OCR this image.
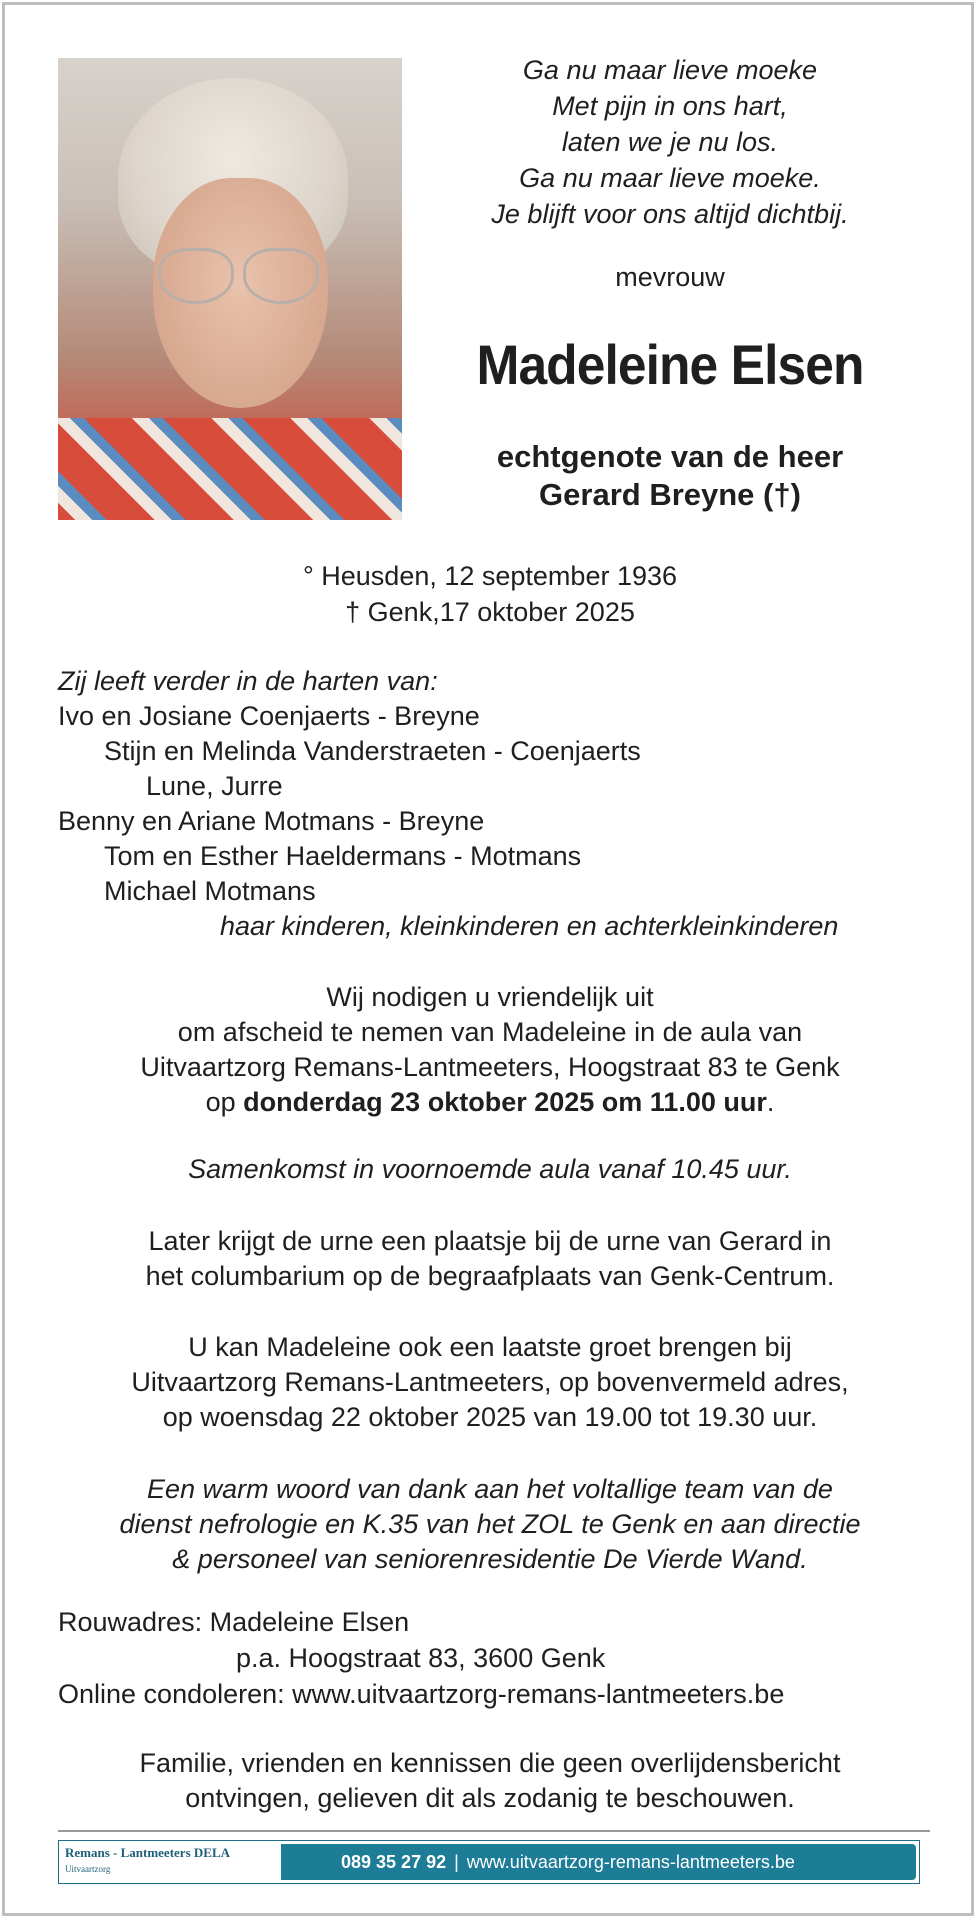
Ga nu maar lieve moeke
Met pijn in ons hart,
laten we je nu los.
Ga nu maar lieve moeke.
Je blijft voor ons altijd dichtbij.
mevrouw
Madeleine Elsen
echtgenote van de heer
Gerard Breyne (†)
° Heusden, 12 september 1936
† Genk,17 oktober 2025
Zij leeft verder in de harten van:
Ivo en Josiane Coenjaerts - Breyne
Stijn en Melinda Vanderstraeten - Coenjaerts
Lune, Jurre
Benny en Ariane Motmans - Breyne
Tom en Esther Haeldermans - Motmans
Michael Motmans
haar kinderen, kleinkinderen en achterkleinkinderen
Wij nodigen u vriendelijk uit
om afscheid te nemen van Madeleine in de aula van
Uitvaartzorg Remans-Lantmeeters, Hoogstraat 83 te Genk
op donderdag 23 oktober 2025 om 11.00 uur.
Samenkomst in voornoemde aula vanaf 10.45 uur.
Later krijgt de urne een plaatsje bij de urne van Gerard in
het columbarium op de begraafplaats van Genk-Centrum.
U kan Madeleine ook een laatste groet brengen bij
Uitvaartzorg Remans-Lantmeeters, op bovenvermeld adres,
op woensdag 22 oktober 2025 van 19.00 tot 19.30 uur.
Een warm woord van dank aan het voltallige team van de
dienst nefrologie en K.35 van het ZOL te Genk en aan directie
& personeel van seniorenresidentie De Vierde Wand.
Rouwadres: Madeleine Elsen
p.a. Hoogstraat 83, 3600 Genk
Online condoleren: www.uitvaartzorg-remans-lantmeeters.be
Familie, vrienden en kennissen die geen overlijdensbericht
ontvingen, gelieven dit als zodanig te beschouwen.
Remans - Lantmeeters DELA
Uitvaartzorg	089 35 27 92 | www.uitvaartzorg-remans-lantmeeters.be
